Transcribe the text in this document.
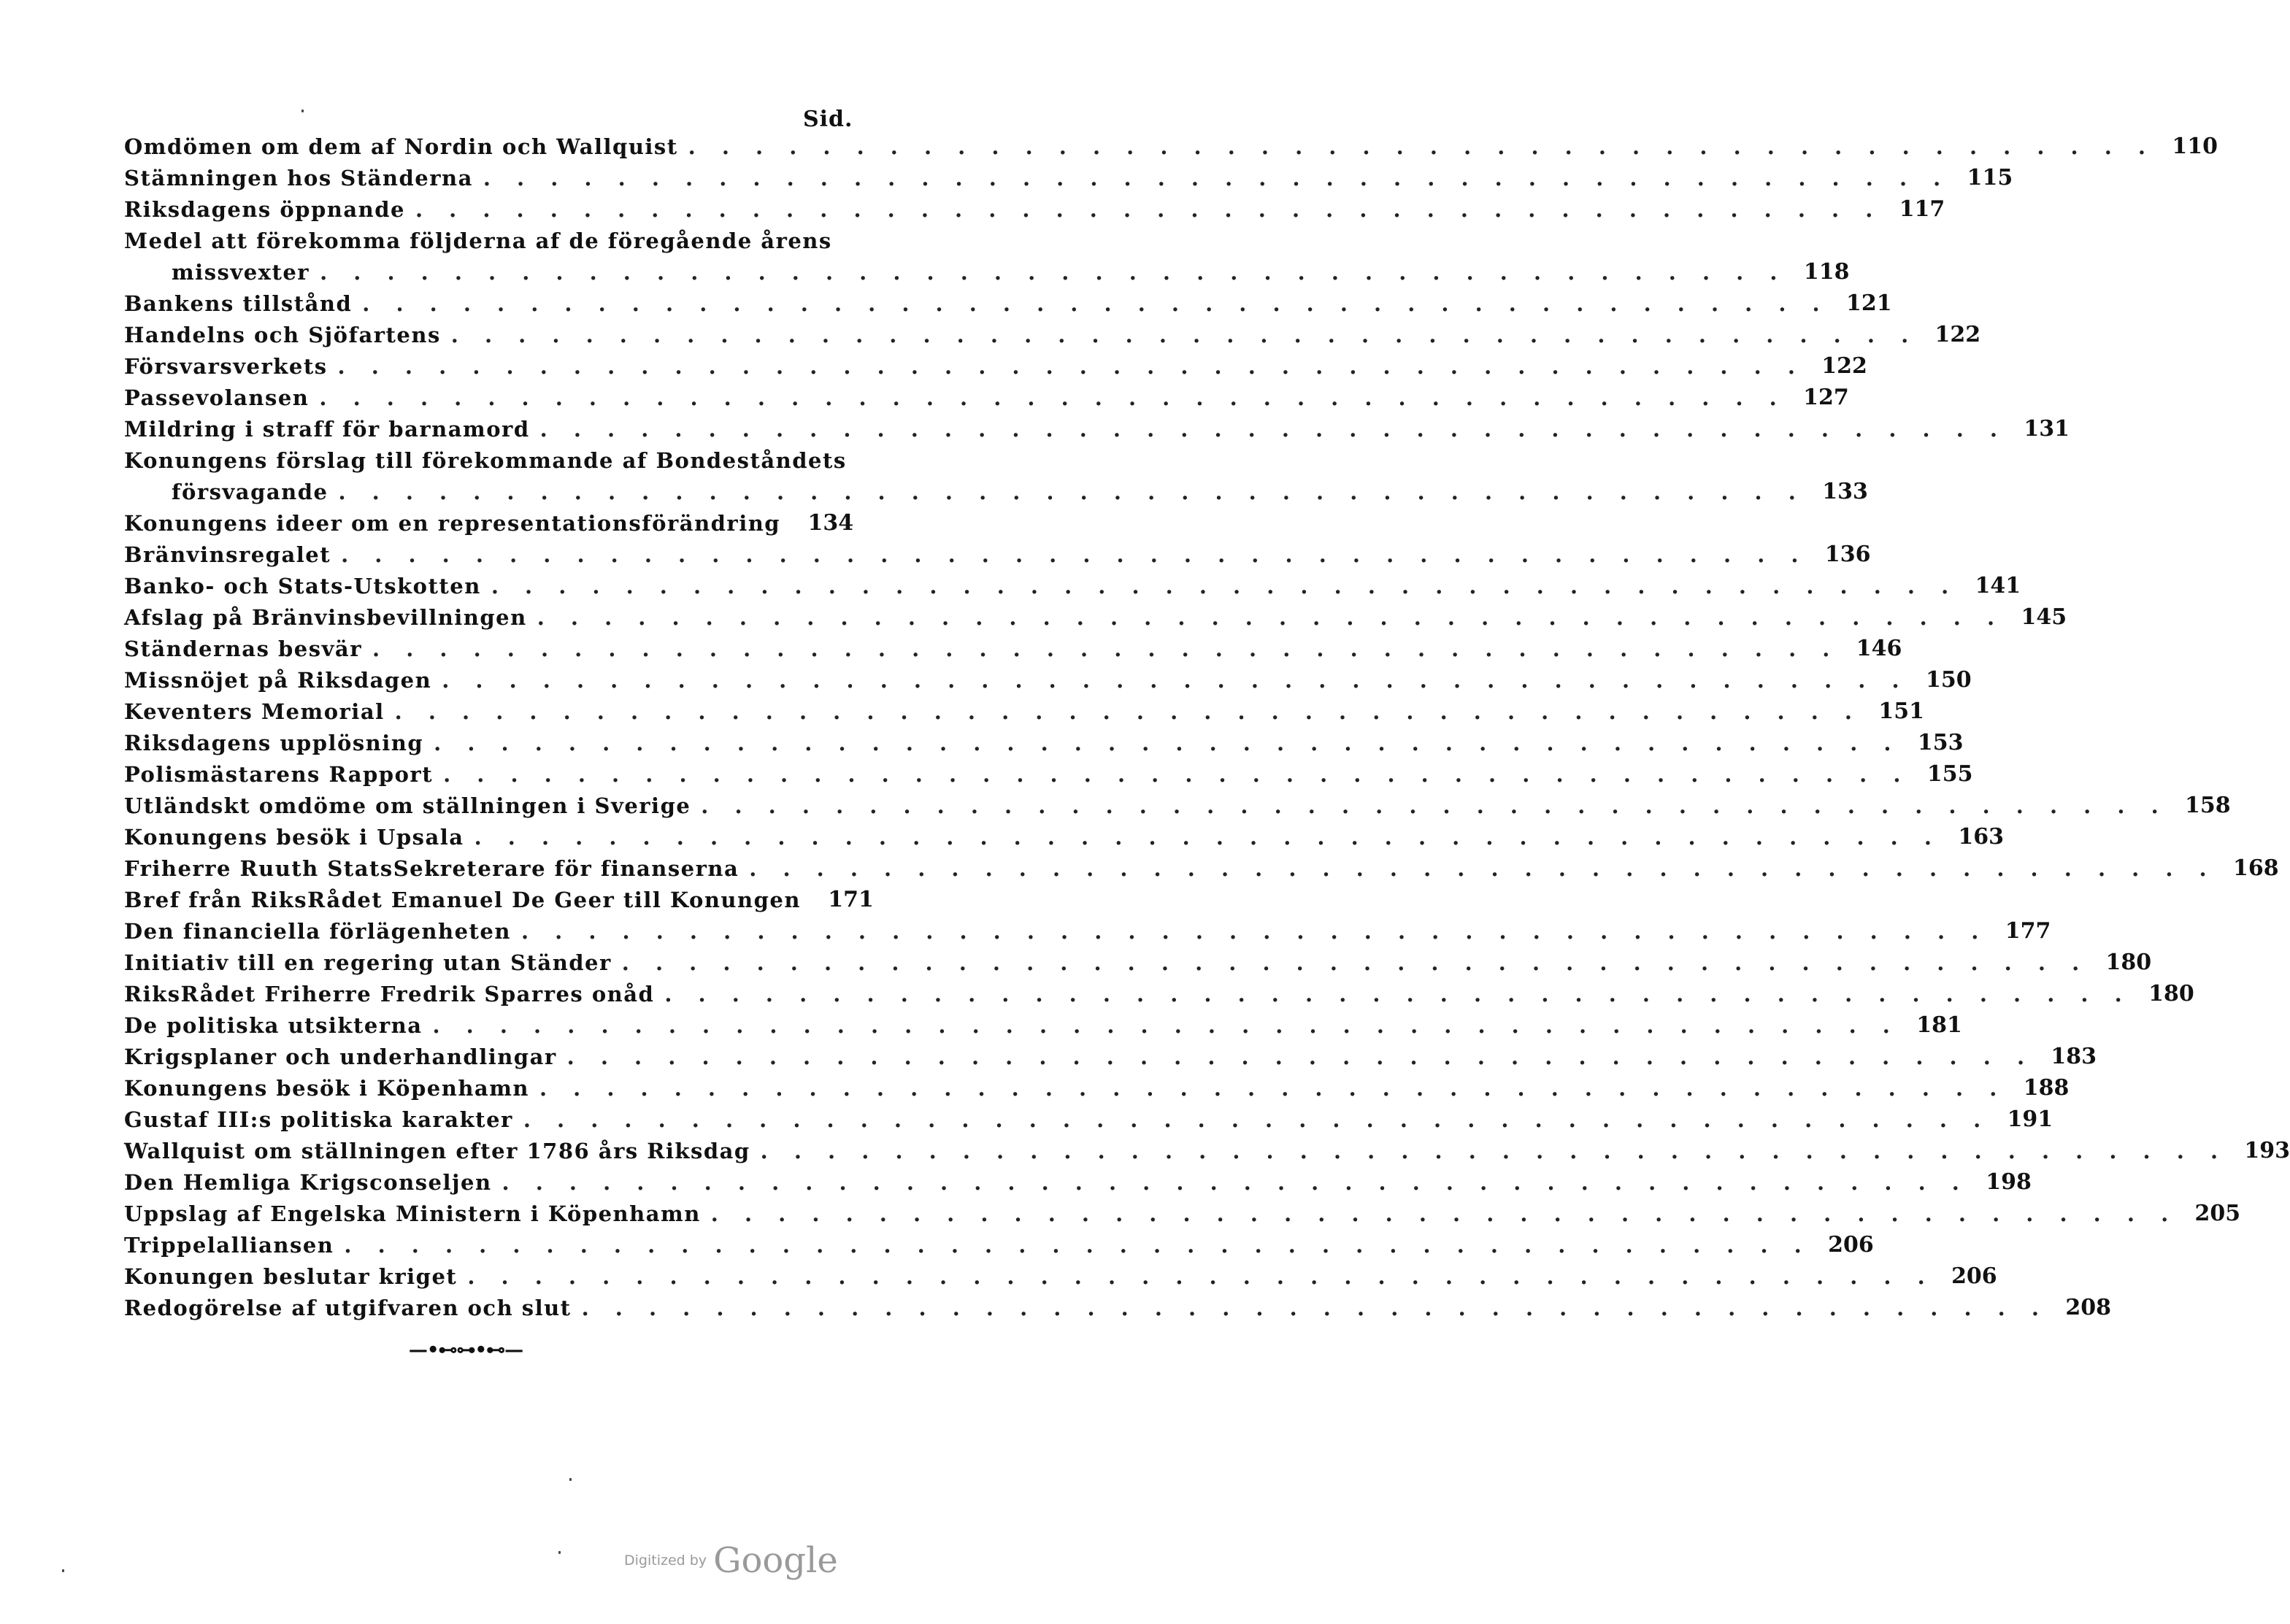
Sid.
Omdömen om dem af Nordin och Wallquist . . . . . . . . . . . . . . . . . . . . . . . . . . . . . . . . . . . . . . . . . . . . 110
Stämningen hos Ständerna . . . . . . . . . . . . . . . . . . . . . . . . . . . . . . . . . . . . . . . . . . . . 115
Riksdagens öppnande . . . . . . . . . . . . . . . . . . . . . . . . . . . . . . . . . . . . . . . . . . . . 117
Medel att förekomma följderna af de föregående årens
missvexter . . . . . . . . . . . . . . . . . . . . . . . . . . . . . . . . . . . . . . . . . . . . 118
Bankens tillstånd . . . . . . . . . . . . . . . . . . . . . . . . . . . . . . . . . . . . . . . . . . . . 121
Handelns och Sjöfartens . . . . . . . . . . . . . . . . . . . . . . . . . . . . . . . . . . . . . . . . . . . . 122
Försvarsverkets . . . . . . . . . . . . . . . . . . . . . . . . . . . . . . . . . . . . . . . . . . . . 122
Passevolansen . . . . . . . . . . . . . . . . . . . . . . . . . . . . . . . . . . . . . . . . . . . . 127
Mildring i straff för barnamord . . . . . . . . . . . . . . . . . . . . . . . . . . . . . . . . . . . . . . . . . . . . 131
Konungens förslag till förekommande af Bondeståndets
försvagande . . . . . . . . . . . . . . . . . . . . . . . . . . . . . . . . . . . . . . . . . . . . 133
Konungens ideer om en representationsförändring	134
Bränvinsregalet . . . . . . . . . . . . . . . . . . . . . . . . . . . . . . . . . . . . . . . . . . . . 136
Banko- och Stats-Utskotten . . . . . . . . . . . . . . . . . . . . . . . . . . . . . . . . . . . . . . . . . . . . 141
Afslag på Bränvinsbevillningen . . . . . . . . . . . . . . . . . . . . . . . . . . . . . . . . . . . . . . . . . . . . 145
Ständernas besvär . . . . . . . . . . . . . . . . . . . . . . . . . . . . . . . . . . . . . . . . . . . . 146
Missnöjet på Riksdagen . . . . . . . . . . . . . . . . . . . . . . . . . . . . . . . . . . . . . . . . . . . . 150
Keventers Memorial . . . . . . . . . . . . . . . . . . . . . . . . . . . . . . . . . . . . . . . . . . . . 151
Riksdagens upplösning . . . . . . . . . . . . . . . . . . . . . . . . . . . . . . . . . . . . . . . . . . . . 153
Polismästarens Rapport . . . . . . . . . . . . . . . . . . . . . . . . . . . . . . . . . . . . . . . . . . . . 155
Utländskt omdöme om ställningen i Sverige . . . . . . . . . . . . . . . . . . . . . . . . . . . . . . . . . . . . . . . . . . . . 158
Konungens besök i Upsala . . . . . . . . . . . . . . . . . . . . . . . . . . . . . . . . . . . . . . . . . . . . 163
Friherre Ruuth StatsSekreterare för finanserna . . . . . . . . . . . . . . . . . . . . . . . . . . . . . . . . . . . . . . . . . . . . 168
Bref från RiksRådet Emanuel De Geer till Konungen	171
Den financiella förlägenheten . . . . . . . . . . . . . . . . . . . . . . . . . . . . . . . . . . . . . . . . . . . . 177
Initiativ till en regering utan Ständer . . . . . . . . . . . . . . . . . . . . . . . . . . . . . . . . . . . . . . . . . . . . 180
RiksRådet Friherre Fredrik Sparres onåd . . . . . . . . . . . . . . . . . . . . . . . . . . . . . . . . . . . . . . . . . . . . 180
De politiska utsikterna . . . . . . . . . . . . . . . . . . . . . . . . . . . . . . . . . . . . . . . . . . . . 181
Krigsplaner och underhandlingar . . . . . . . . . . . . . . . . . . . . . . . . . . . . . . . . . . . . . . . . . . . . 183
Konungens besök i Köpenhamn . . . . . . . . . . . . . . . . . . . . . . . . . . . . . . . . . . . . . . . . . . . . 188
Gustaf III:s politiska karakter . . . . . . . . . . . . . . . . . . . . . . . . . . . . . . . . . . . . . . . . . . . . 191
Wallquist om ställningen efter 1786 års Riksdag . . . . . . . . . . . . . . . . . . . . . . . . . . . . . . . . . . . . . . . . . . . . 193
Den Hemliga Krigsconseljen . . . . . . . . . . . . . . . . . . . . . . . . . . . . . . . . . . . . . . . . . . . . 198
Uppslag af Engelska Ministern i Köpenhamn . . . . . . . . . . . . . . . . . . . . . . . . . . . . . . . . . . . . . . . . . . . . 205
Trippelalliansen . . . . . . . . . . . . . . . . . . . . . . . . . . . . . . . . . . . . . . . . . . . . 206
Konungen beslutar kriget . . . . . . . . . . . . . . . . . . . . . . . . . . . . . . . . . . . . . . . . . . . . 206
Redogörelse af utgifvaren och slut . . . . . . . . . . . . . . . . . . . . . . . . . . . . . . . . . . . . . . . . . . . . 208
—•⊷⊶•⊷—
Digitized by Google
